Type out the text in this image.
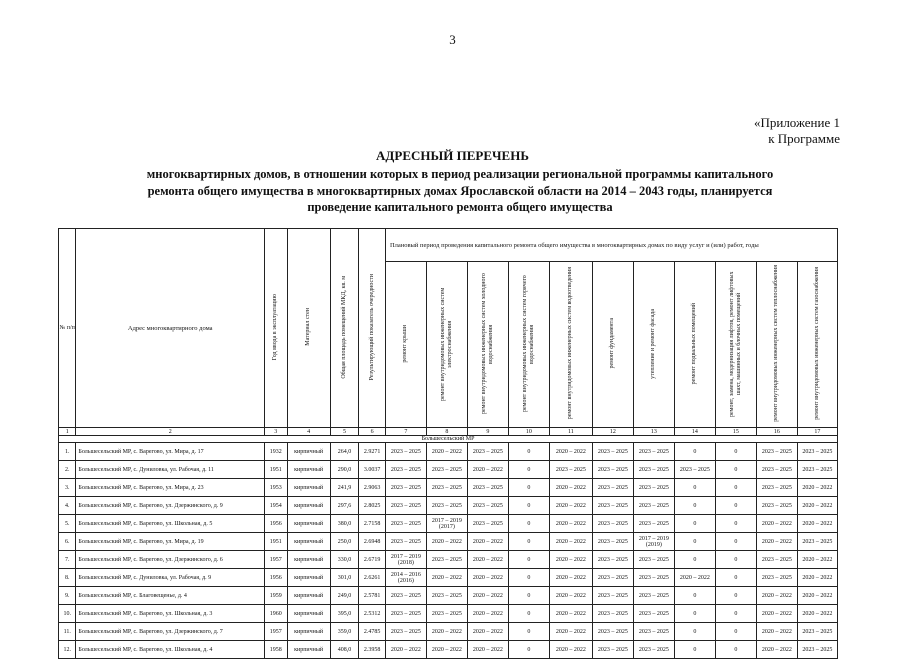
3
«Приложение 1
к Программе
АДРЕСНЫЙ ПЕРЕЧЕНЬ
многоквартирных домов, в отношении которых в период реализации региональной программы капитального ремонта общего имущества в многоквартирных домах Ярославской области на 2014 – 2043 годы, планируется проведение капитального ремонта общего имущества
№ п/п	Адрес многоквартирного дома	Год ввода в эксплуатацию	Материал стен	Общая площадь помещений МКД, кв. м	Результирующий показатель очередности	Плановый период проведения капитального ремонта общего имущества в многоквартирных домах по виду услуг и (или) работ, годы										
						ремонт крыши	ремонт внутридомовых инженерных систем электроснабжения	ремонт внутридомовых инженерных систем холодного водоснабжения	ремонт внутридомовых инженерных систем горячего водоснабжения	ремонт внутридомовых инженерных систем водоотведения	ремонт фундамента	утепление и ремонт фасада	ремонт подвальных помещений	ремонт, замена, модернизация лифтов, ремонт лифтовых шахт, машинных и блочных помещений	ремонт внутридомовых инженерных систем теплоснабжения	ремонт внутридомовых инженерных систем газоснабжения
1	2	3	4	5	6	7	8	9	10	11	12	13	14	15	16	17
Большесельский МР																
1.	Большесельский МР, с. Варегово, ул. Мира, д. 17	1932	кирпичный	264,0	2.9271	2023 – 2025	2020 – 2022	2023 – 2025	0	2020 – 2022	2023 – 2025	2023 – 2025	0	0	2023 – 2025	2023 – 2025
2.	Большесельский МР, с. Дуниловка, ул. Рабочая, д. 11	1951	кирпичный	290,0	3.0037	2023 – 2025	2023 – 2025	2020 – 2022	0	2023 – 2025	2023 – 2025	2023 – 2025	2023 – 2025	0	2023 – 2025	2023 – 2025
3.	Большесельский МР, с. Варегово, ул. Мира, д. 23	1953	кирпичный	241,9	2.9063	2023 – 2025	2023 – 2025	2023 – 2025	0	2020 – 2022	2023 – 2025	2023 – 2025	0	0	2023 – 2025	2020 – 2022
4.	Большесельский МР, с. Варегово, ул. Дзержинского, д. 9	1954	кирпичный	297,6	2.8025	2023 – 2025	2023 – 2025	2023 – 2025	0	2020 – 2022	2023 – 2025	2023 – 2025	0	0	2023 – 2025	2020 – 2022
5.	Большесельский МР, с. Варегово, ул. Школьная, д. 5	1956	кирпичный	380,0	2.7158	2023 – 2025	2017 – 2019 (2017)	2023 – 2025	0	2020 – 2022	2023 – 2025	2023 – 2025	0	0	2020 – 2022	2020 – 2022
6.	Большесельский МР, с. Варегово, ул. Мира, д. 19	1951	кирпичный	250,0	2.6948	2023 – 2025	2020 – 2022	2020 – 2022	0	2020 – 2022	2023 – 2025	2017 – 2019 (2019)	0	0	2020 – 2022	2023 – 2025
7.	Большесельский МР, с. Варегово, ул. Дзержинского, д. 6	1957	кирпичный	330,0	2.6719	2017 – 2019 (2018)	2023 – 2025	2020 – 2022	0	2020 – 2022	2023 – 2025	2023 – 2025	0	0	2023 – 2025	2020 – 2022
8.	Большесельский МР, с. Дуниловка, ул. Рабочая, д. 9	1956	кирпичный	301,0	2.6261	2014 – 2016 (2016)	2020 – 2022	2020 – 2022	0	2020 – 2022	2023 – 2025	2023 – 2025	2020 – 2022	0	2023 – 2025	2020 – 2022
9.	Большесельский МР, с. Благовещенье, д. 4	1959	кирпичный	249,0	2.5781	2023 – 2025	2023 – 2025	2020 – 2022	0	2020 – 2022	2023 – 2025	2023 – 2025	0	0	2020 – 2022	2020 – 2022
10.	Большесельский МР, с. Варегово, ул. Школьная, д. 3	1960	кирпичный	395,0	2.5312	2023 – 2025	2023 – 2025	2020 – 2022	0	2020 – 2022	2023 – 2025	2023 – 2025	0	0	2020 – 2022	2020 – 2022
11.	Большесельский МР, с. Варегово, ул. Дзержинского, д. 7	1957	кирпичный	359,0	2.4785	2023 – 2025	2020 – 2022	2020 – 2022	0	2020 – 2022	2023 – 2025	2023 – 2025	0	0	2020 – 2022	2023 – 2025
12.	Большесельский МР, с. Варегово, ул. Школьная, д. 4	1958	кирпичный	408,0	2.3958	2020 – 2022	2020 – 2022	2020 – 2022	0	2020 – 2022	2023 – 2025	2023 – 2025	0	0	2020 – 2022	2023 – 2025
